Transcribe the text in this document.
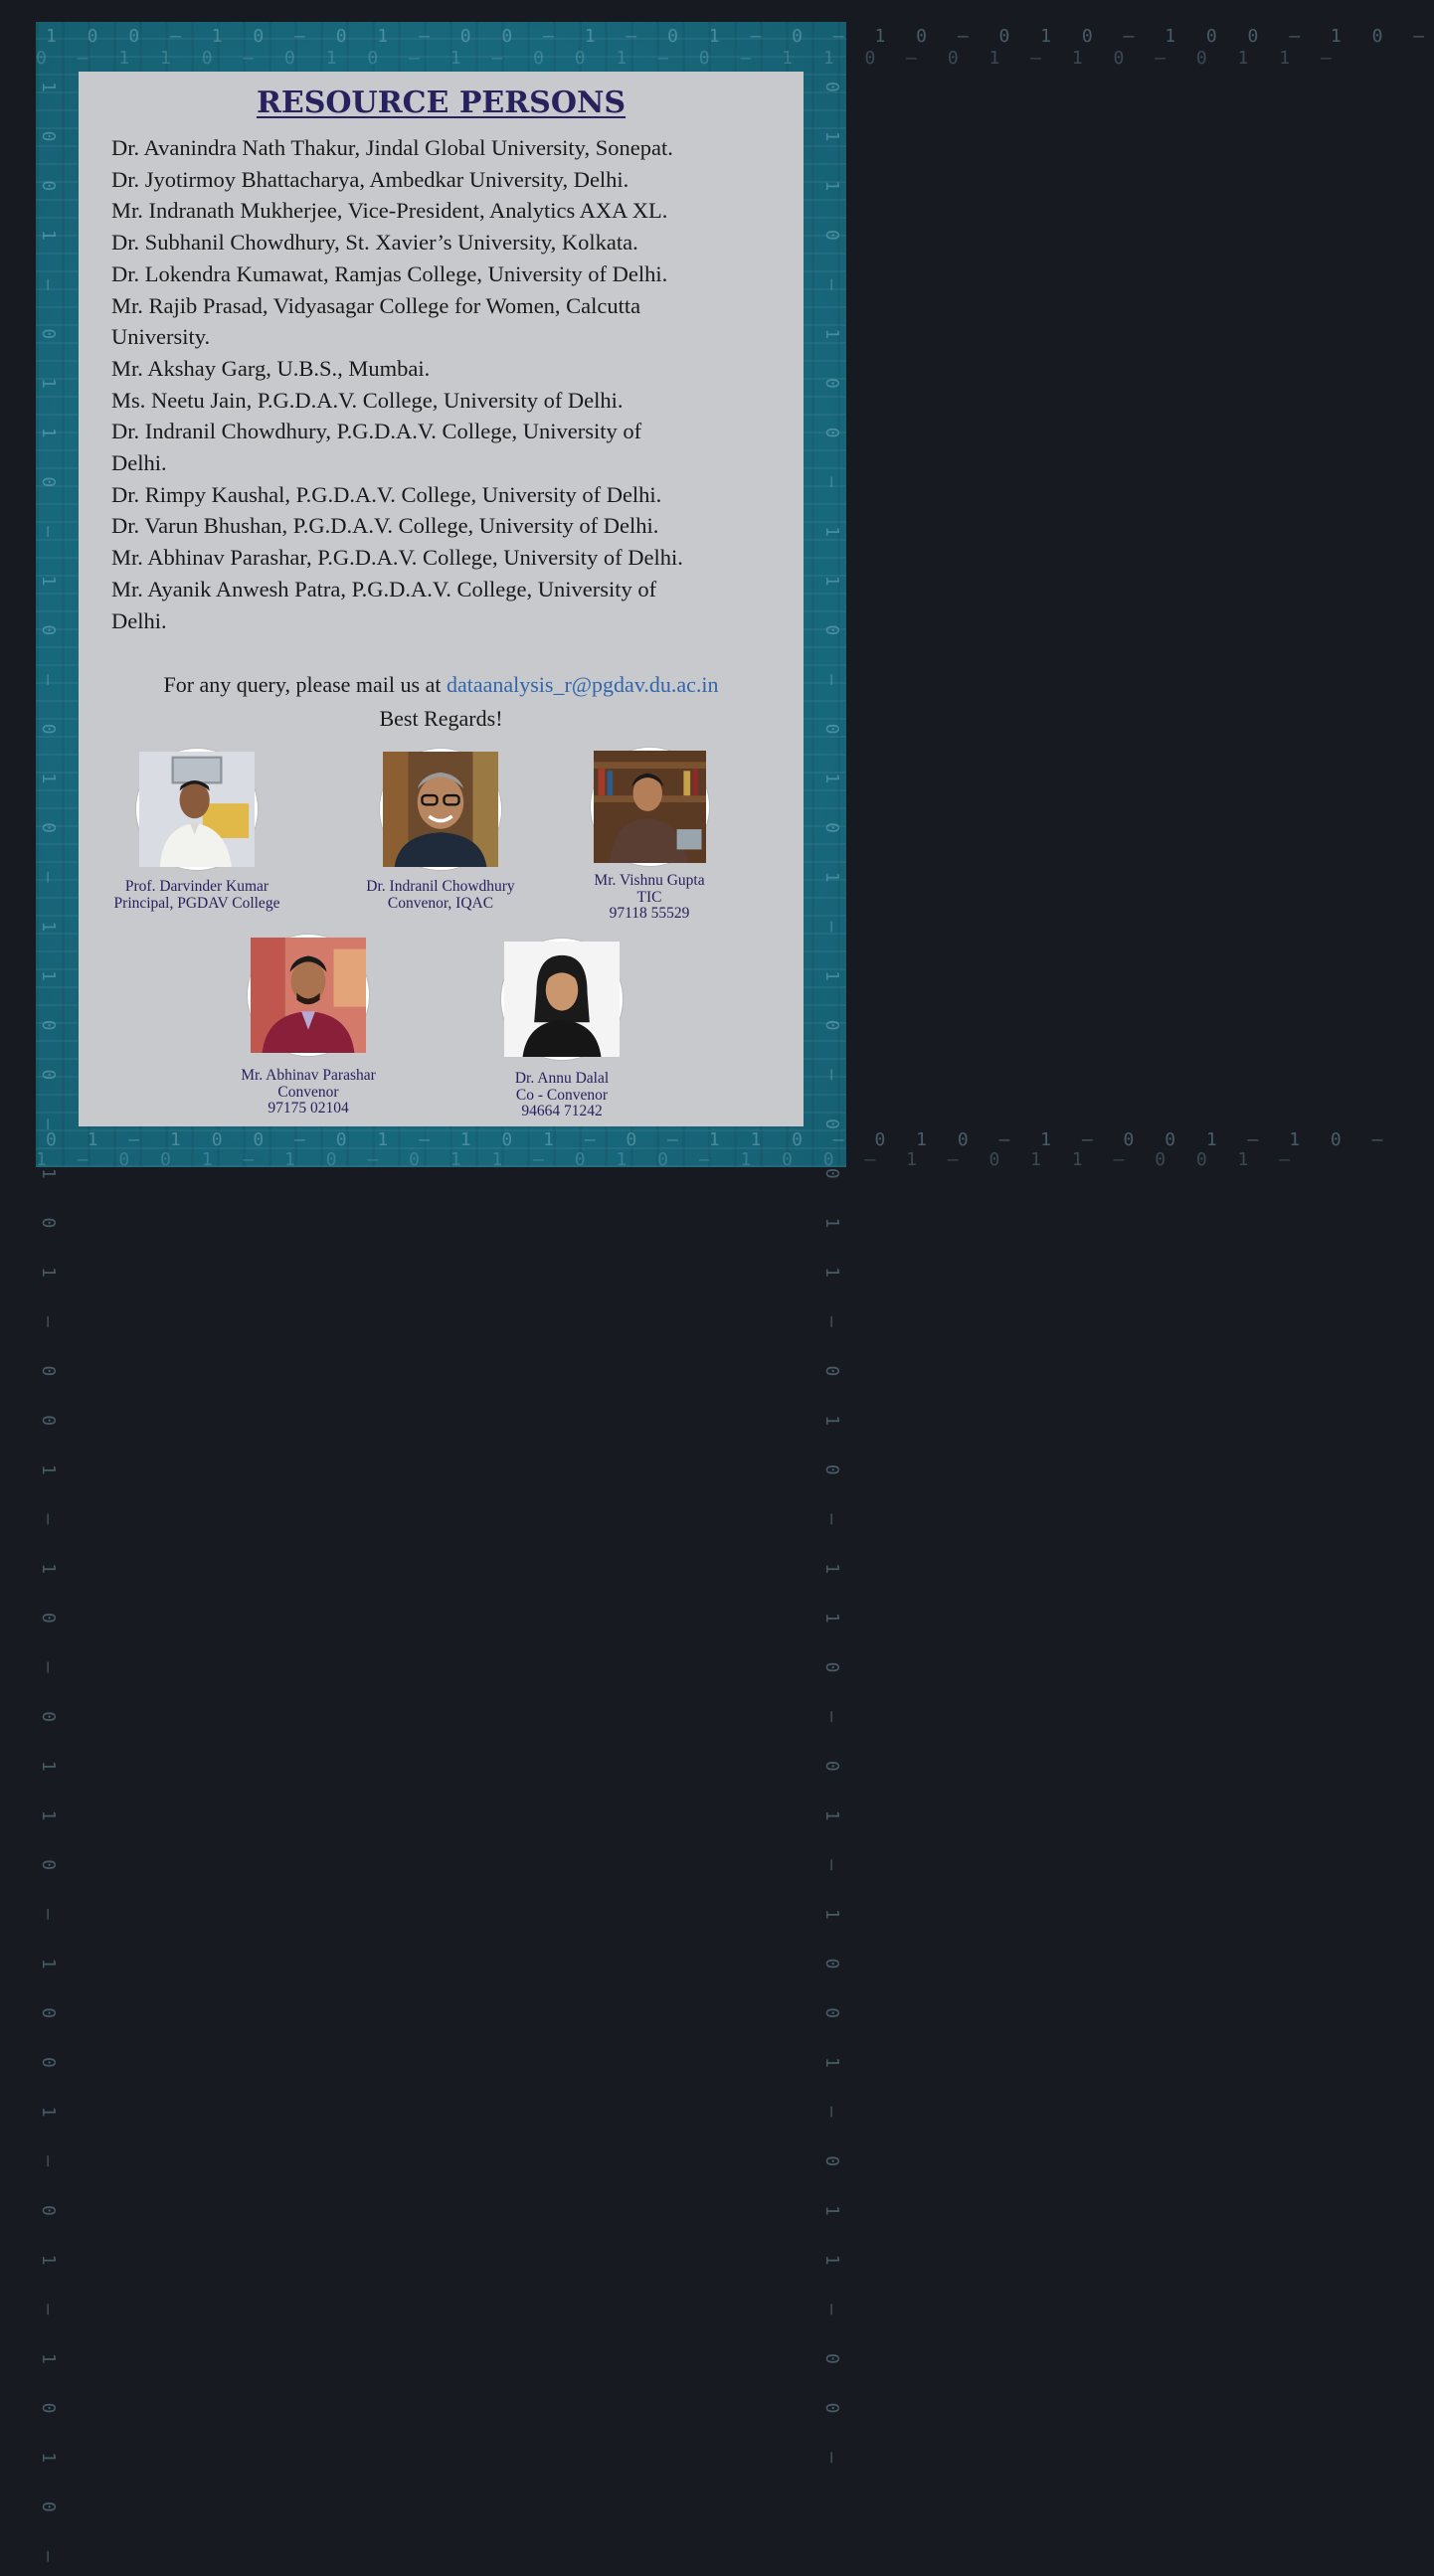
1 0 0 — 1 0 — 0 1 — 0 0 — 1 — 0 1 — 0 — 1 0 — 0 1 0 — 1 0 0 — 1 0 —
0 — 1 1 0 — 0 1 0 — 1 — 0 0 1 — 0 — 1 1 0 — 0 1 — 1 0 — 0 1 1 —
1 0 0 1 — 0 1 1 0 — 1 0 — 0 1 0 — 1 1 0 0 — 1 0 1 — 0 0 1 — 1 0 — 0 1 1 0 — 1 0 0 1 — 0 1 — 1 0 1 0 —	0 1 1 0 — 1 0 0 — 1 1 0 — 0 1 0 1 — 1 0 — 0 0 1 1 — 0 1 0 — 1 1 0 — 0 1 — 1 0 0 1 — 0 1 1 — 0 0 —
0 1 — 1 0 0 — 0 1 — 1 0 1 — 0 — 1 1 0 — 0 1 0 — 1 — 0 0 1 — 1 0 —
1 — 0 0 1 — 1 0 — 0 1 1 — 0 1 0 — 1 0 0 — 1 — 0 1 1 — 0 0 1 —
RESOURCE PERSONS
Dr. Avanindra Nath Thakur, Jindal Global University, Sonepat.
Dr. Jyotirmoy Bhattacharya, Ambedkar University, Delhi.
Mr. Indranath Mukherjee, Vice-President, Analytics AXA XL.
Dr. Subhanil Chowdhury, St. Xavier’s University, Kolkata.
Dr. Lokendra Kumawat, Ramjas College, University of Delhi.
Mr. Rajib Prasad, Vidyasagar College for Women, Calcutta
University.
Mr. Akshay Garg, U.B.S., Mumbai.
Ms. Neetu Jain, P.G.D.A.V. College, University of Delhi.
Dr. Indranil Chowdhury, P.G.D.A.V. College, University of
Delhi.
Dr. Rimpy Kaushal, P.G.D.A.V. College, University of Delhi.
Dr. Varun Bhushan, P.G.D.A.V. College, University of Delhi.
Mr. Abhinav Parashar, P.G.D.A.V. College, University of Delhi.
Mr. Ayanik Anwesh Patra, P.G.D.A.V. College, University of
Delhi.
For any query, please mail us at dataanalysis_r@pgdav.du.ac.in
Best Regards!
Prof. Darvinder Kumar
Principal, PGDAV College
Dr. Indranil Chowdhury
Convenor, IQAC
Mr. Vishnu Gupta
TIC
97118 55529
Mr. Abhinav Parashar
Convenor
97175 02104
Dr. Annu Dalal
Co - Convenor
94664 71242
